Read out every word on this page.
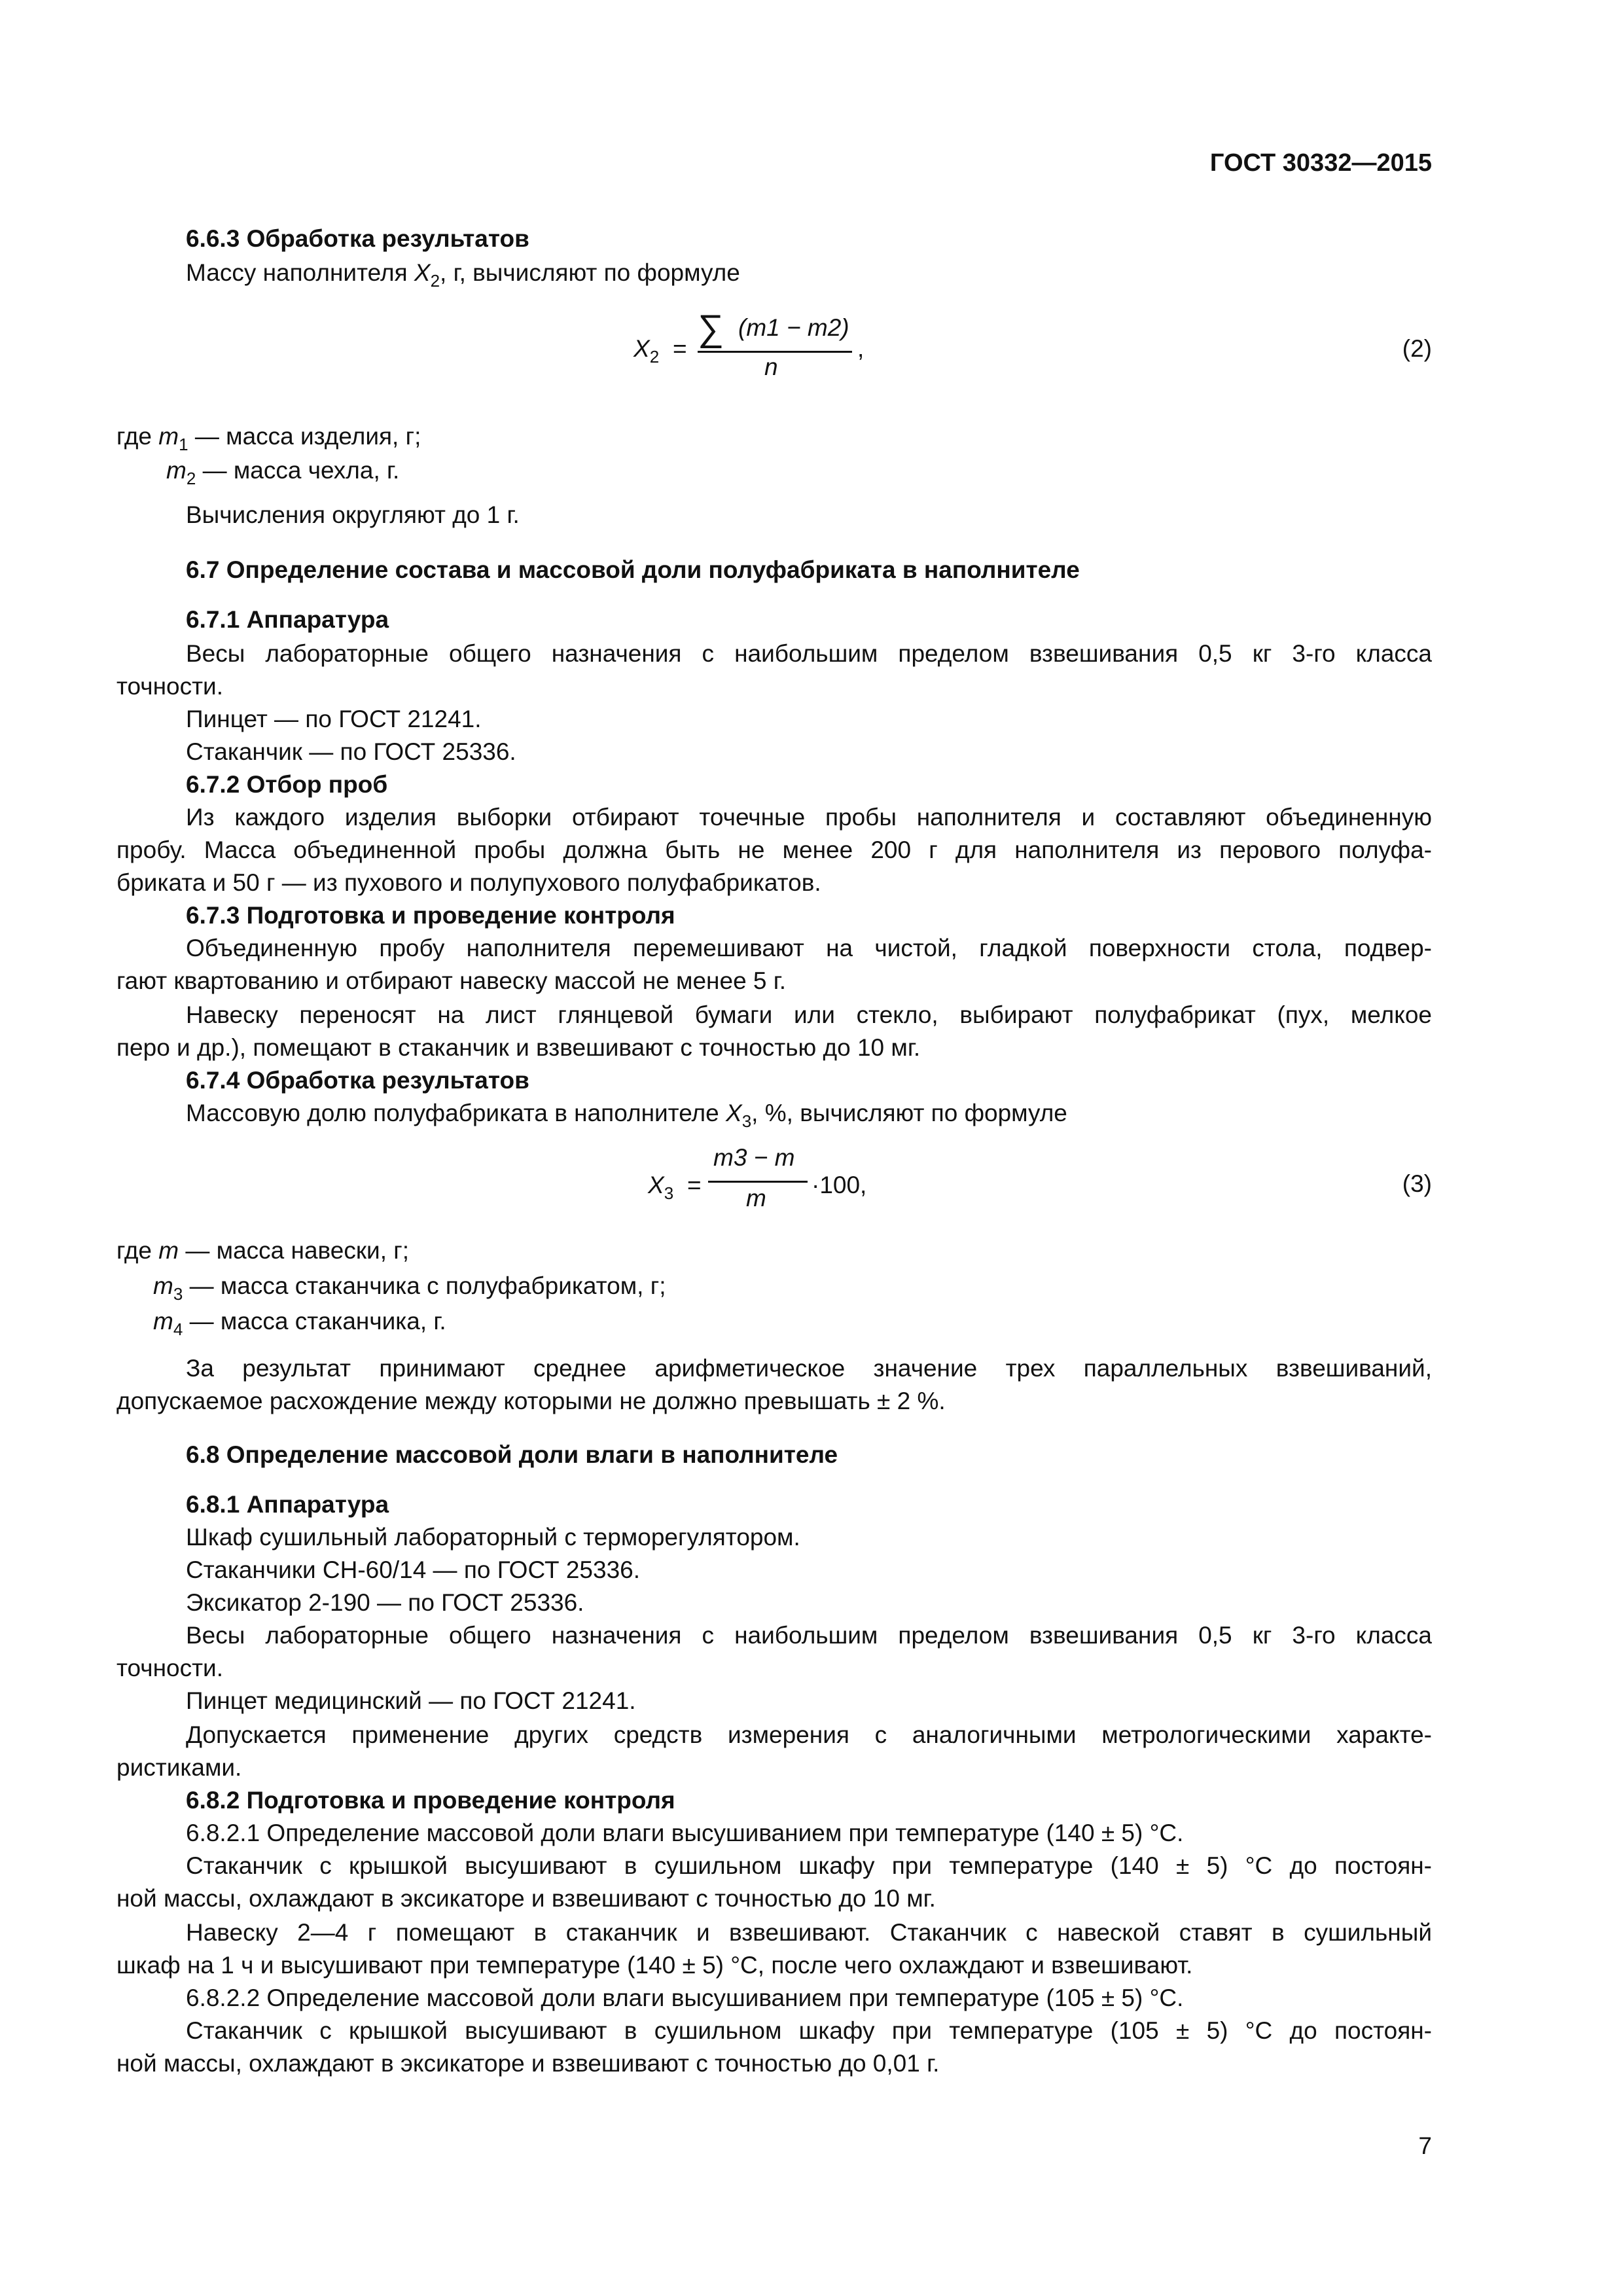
ГОСТ 30332—2015
6.6.3 Обработка результатов
Массу наполнителя $X_2$, г, вычисляют по формуле
$X_2$ =
∑ (m1 − m2)
n
,	(2)
где $m_1$ — масса изделия, г;
$m_2$ — масса чехла, г.
Вычисления округляют до 1 г.
6.7 Определение состава и массовой доли полуфабриката в наполнителе
6.7.1 Аппаратура
Весы лабораторные общего назначения с наибольшим пределом взвешивания 0,5 кг 3-го класса
точности.
Пинцет — по ГОСТ 21241.
Стаканчик — по ГОСТ 25336.
6.7.2 Отбор проб
Из каждого изделия выборки отбирают точечные пробы наполнителя и составляют объединенную
пробу. Масса объединенной пробы должна быть не менее 200 г для наполнителя из перового полуфа-
бриката и 50 г — из пухового и полупухового полуфабрикатов.
6.7.3 Подготовка и проведение контроля
Объединенную пробу наполнителя перемешивают на чистой, гладкой поверхности стола, подвер-
гают квартованию и отбирают навеску массой не менее 5 г.
Навеску переносят на лист глянцевой бумаги или стекло, выбирают полуфабрикат (пух, мелкое
перо и др.), помещают в стаканчик и взвешивают с точностью до 10 мг.
6.7.4 Обработка результатов
Массовую долю полуфабриката в наполнителе $X_3$, %, вычисляют по формуле
$X_3$ =
m3 − m
m ·100,	(3)
где m — масса навески, г;
$m_3$ — масса стаканчика с полуфабрикатом, г;
$m_4$ — масса стаканчика, г.
За результат принимают среднее арифметическое значение трех параллельных взвешиваний,
допускаемое расхождение между которыми не должно превышать ± 2 %.
6.8 Определение массовой доли влаги в наполнителе
6.8.1 Аппаратура
Шкаф сушильный лабораторный с терморегулятором.
Стаканчики СН-60/14 — по ГОСТ 25336.
Эксикатор 2-190 — по ГОСТ 25336.
Весы лабораторные общего назначения с наибольшим пределом взвешивания 0,5 кг 3-го класса
точности.
Пинцет медицинский — по ГОСТ 21241.
Допускается применение других средств измерения с аналогичными метрологическими характе-
ристиками.
6.8.2 Подготовка и проведение контроля
6.8.2.1 Определение массовой доли влаги высушиванием при температуре (140 ± 5) °С.
Стаканчик с крышкой высушивают в сушильном шкафу при температуре (140 ± 5) °С до постоян-
ной массы, охлаждают в эксикаторе и взвешивают с точностью до 10 мг.
Навеску 2—4 г помещают в стаканчик и взвешивают. Стаканчик с навеской ставят в сушильный
шкаф на 1 ч и высушивают при температуре (140 ± 5) °С, после чего охлаждают и взвешивают.
6.8.2.2 Определение массовой доли влаги высушиванием при температуре (105 ± 5) °С.
Стаканчик с крышкой высушивают в сушильном шкафу при температуре (105 ± 5) °С до постоян-
ной массы, охлаждают в эксикаторе и взвешивают с точностью до 0,01 г.
7
